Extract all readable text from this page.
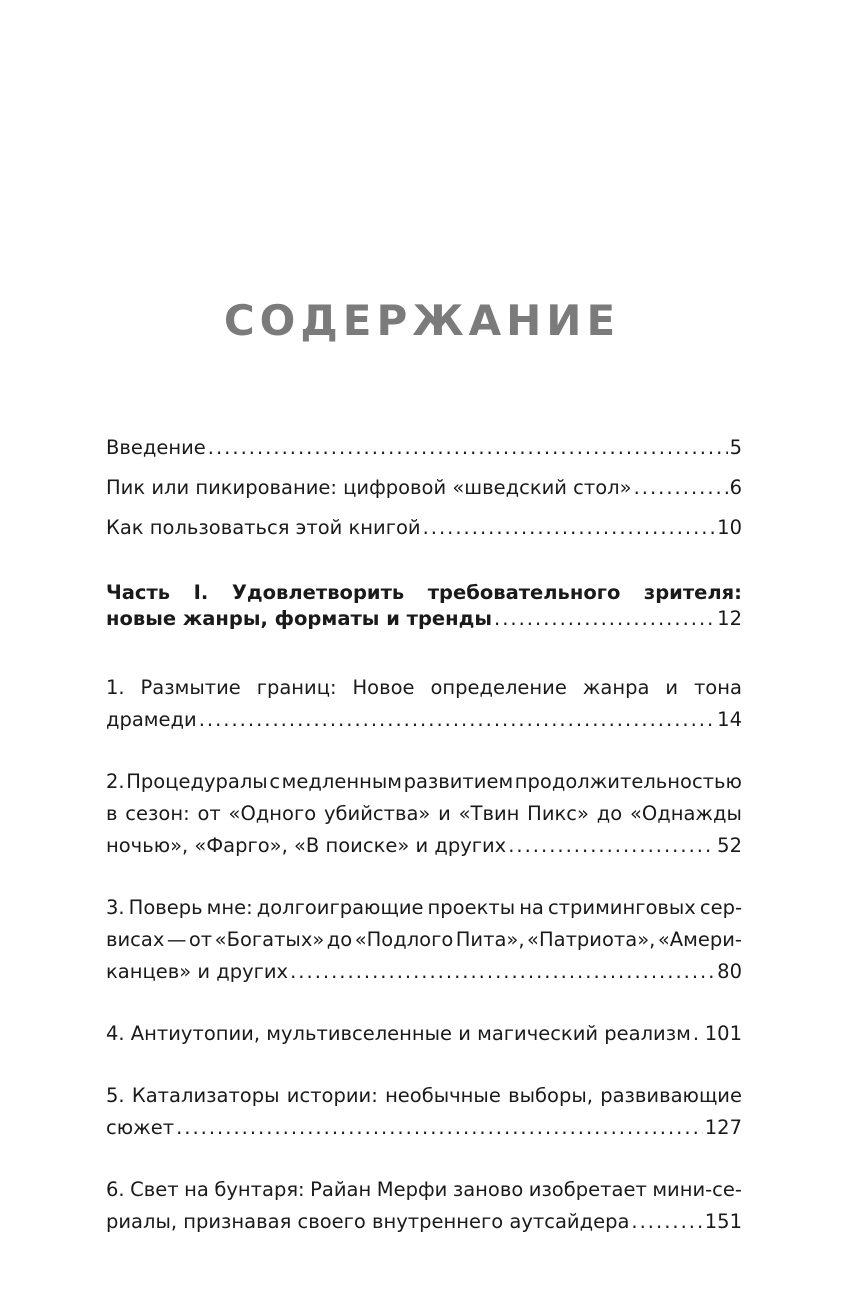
СОДЕРЖАНИЕ
Введение .....	5
Пик или пикирование: цифровой «шведский стол» .....	6
Как пользоваться этой книгой .....	10
Часть I. Удовлетворить требовательного зрителя:
новые жанры, форматы и тренды .....	12
1. Размытие границ: Новое определение жанра и тона
драмеди .....	14
2. Процедуралы с медленным развитием продолжительностью
в сезон: от «Одного убийства» и «Твин Пикс» до «Однажды
ночью», «Фарго», «В поиске» и других .....	52
3. Поверь мне: долгоиграющие проекты на стриминговых сер-
висах — от «Богатых» до «Подлого Пита», «Патриота», «Амери-
канцев» и других .....	80
4. Антиутопии, мультивселенные и магический реализм ..... 101
5. Катализаторы истории: необычные выборы, развивающие
сюжет .....	127
6. Свет на бунтаря: Райан Мерфи заново изобретает мини-се-
риалы, признавая своего внутреннего аутсайдера .....	151
